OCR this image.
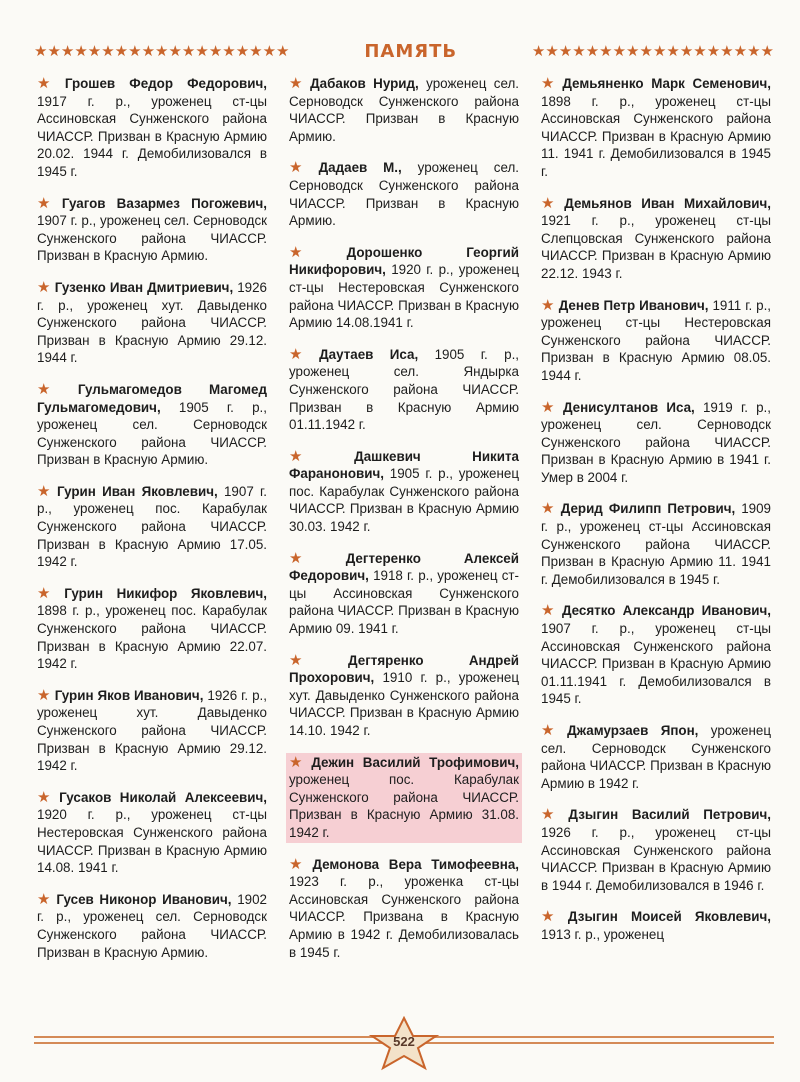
★★★★★★★★★★★★★★★★★★★	ПАМЯТЬ	★★★★★★★★★★★★★★★★★★
★ Грошев Федор Федорович, 1917 г. р., уроженец ст-цы Ассиновская Сунженского района ЧИАССР. Призван в Красную Армию 20.02. 1944 г. Демобилизовался в 1945 г.
★ Гуагов Вазармез Погожевич, 1907 г. р., уроженец сел. Серноводск Сунженского района ЧИАССР. Призван в Красную Армию.
★ Гузенко Иван Дмитриевич, 1926 г. р., уроженец хут. Давыденко Сунженского района ЧИАССР. Призван в Красную Армию 29.12. 1944 г.
★ Гульмагомедов Магомед Гульмагомедович, 1905 г. р., уроженец сел. Серноводск Сунженского района ЧИАССР. Призван в Красную Армию.
★ Гурин Иван Яковлевич, 1907 г. р., уроженец пос. Карабулак Сунженского района ЧИАССР. Призван в Красную Армию 17.05. 1942 г.
★ Гурин Никифор Яковлевич, 1898 г. р., уроженец пос. Карабулак Сунженского района ЧИАССР. Призван в Красную Армию 22.07. 1942 г.
★ Гурин Яков Иванович, 1926 г. р., уроженец хут. Давыденко Сунженского района ЧИАССР. Призван в Красную Армию 29.12. 1942 г.
★ Гусаков Николай Алексеевич, 1920 г. р., уроженец ст-цы Нестеровская Сунженского района ЧИАССР. Призван в Красную Армию 14.08. 1941 г.
★ Гусев Никонор Иванович, 1902 г. р., уроженец сел. Серноводск Сунженского района ЧИАССР. Призван в Красную Армию.
★ Дабаков Нурид, уроженец сел. Серноводск Сунженского района ЧИАССР. Призван в Красную Армию.
★ Дадаев М., уроженец сел. Серноводск Сунженского района ЧИАССР. Призван в Красную Армию.
★ Дорошенко Георгий Никифорович, 1920 г. р., уроженец ст-цы Нестеровская Сунженского района ЧИАССР. Призван в Красную Армию 14.08.1941 г.
★ Даутаев Иса, 1905 г. р., уроженец сел. Яндырка Сунженского района ЧИАССР. Призван в Красную Армию 01.11.1942 г.
★ Дашкевич Никита Фаранонович, 1905 г. р., уроженец пос. Карабулак Сунженского района ЧИАССР. Призван в Красную Армию 30.03. 1942 г.
★ Дегтеренко Алексей Федорович, 1918 г. р., уроженец ст-цы Ассиновская Сунженского района ЧИАССР. Призван в Красную Армию 09. 1941 г.
★ Дегтяренко Андрей Прохорович, 1910 г. р., уроженец хут. Давыденко Сунженского района ЧИАССР. Призван в Красную Армию 14.10. 1942 г.
★ Дежин Василий Трофимович, уроженец пос. Карабулак Сунженского района ЧИАССР. Призван в Красную Армию 31.08. 1942 г.
★ Демонова Вера Тимофеевна, 1923 г. р., уроженка ст-цы Ассиновская Сунженского района ЧИАССР. Призвана в Красную Армию в 1942 г. Демобилизовалась в 1945 г.
★ Демьяненко Марк Семенович, 1898 г. р., уроженец ст-цы Ассиновская Сунженского района ЧИАССР. Призван в Красную Армию 11. 1941 г. Демобилизовался в 1945 г.
★ Демьянов Иван Михайлович, 1921 г. р., уроженец ст-цы Слепцовская Сунженского района ЧИАССР. Призван в Красную Армию 22.12. 1943 г.
★ Денев Петр Иванович, 1911 г. р., уроженец ст-цы Нестеровская Сунженского района ЧИАССР. Призван в Красную Армию 08.05. 1944 г.
★ Денисултанов Иса, 1919 г. р., уроженец сел. Серноводск Сунженского района ЧИАССР. Призван в Красную Армию в 1941 г. Умер в 2004 г.
★ Дерид Филипп Петрович, 1909 г. р., уроженец ст-цы Ассиновская Сунженского района ЧИАССР. Призван в Красную Армию 11. 1941 г. Демобилизовался в 1945 г.
★ Десятко Александр Иванович, 1907 г. р., уроженец ст-цы Ассиновская Сунженского района ЧИАССР. Призван в Красную Армию 01.11.1941 г. Демобилизовался в 1945 г.
★ Джамурзаев Япон, уроженец сел. Серноводск Сунженского района ЧИАССР. Призван в Красную Армию в 1942 г.
★ Дзыгин Василий Петрович, 1926 г. р., уроженец ст-цы Ассиновская Сунженского района ЧИАССР. Призван в Красную Армию в 1944 г. Демобилизовался в 1946 г.
★ Дзыгин Моисей Яковлевич, 1913 г. р., уроженец
522
